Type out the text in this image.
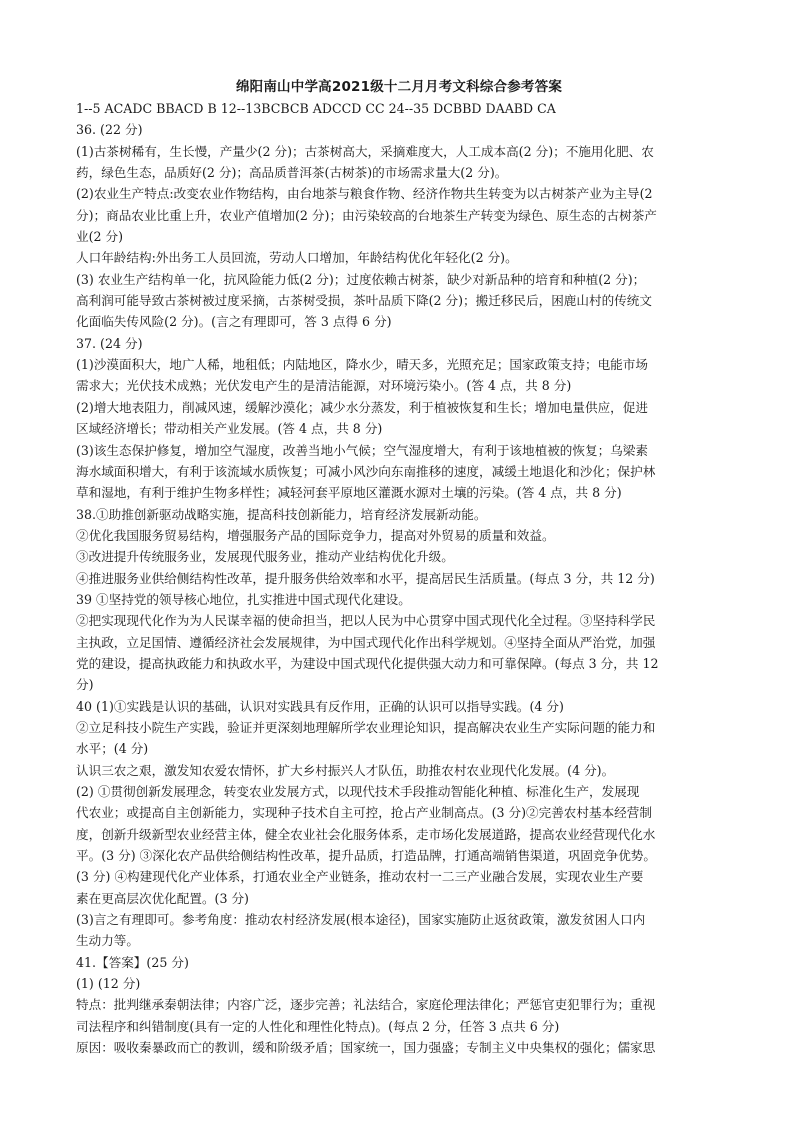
绵阳南山中学高2021级十二月月考文科综合参考答案
1--5 ACADC BBACD B 12--13BCBCB ADCCD CC 24--35 DCBBD DAABD CA
36. (22 分)
(1)古茶树稀有，生长慢，产量少(2 分)；古茶树高大，采摘难度大，人工成本高(2 分)；不施用化肥、农
药，绿色生态，品质好(2 分)；高品质普洱茶(古树茶)的市场需求量大(2 分)。
(2)农业生产特点:改变农业作物结构，由台地茶与粮食作物、经济作物共生转变为以古树茶产业为主导(2
分)；商品农业比重上升，农业产值增加(2 分)；由污染较高的台地茶生产转变为绿色、原生态的古树茶产
业(2 分)
人口年龄结构:外出务工人员回流，劳动人口增加，年龄结构优化年轻化(2 分)。
(3) 农业生产结构单一化，抗风险能力低(2 分)；过度依赖古树茶，缺少对新品种的培育和种植(2 分)；
高利润可能导致古茶树被过度采摘，古茶树受损，茶叶品质下降(2 分)；搬迁移民后，困鹿山村的传统文
化面临失传风险(2 分)。(言之有理即可，答 3 点得 6 分)
37. (24 分)
(1)沙漠面积大，地广人稀，地租低；内陆地区，降水少，晴天多，光照充足；国家政策支持；电能市场
需求大；光伏技术成熟；光伏发电产生的是清洁能源，对环境污染小。(答 4 点，共 8 分)
(2)增大地表阻力，削减风速，缓解沙漠化；减少水分蒸发，利于植被恢复和生长；增加电量供应，促进
区域经济增长；带动相关产业发展。(答 4 点，共 8 分)
(3)该生态保护修复，增加空气湿度，改善当地小气候；空气湿度增大，有利于该地植被的恢复；乌梁素
海水域面积增大，有利于该流域水质恢复；可减小风沙向东南推移的速度，减缓土地退化和沙化；保护林
草和湿地，有利于维护生物多样性；减轻河套平原地区灌溉水源对土壤的污染。(答 4 点，共 8 分)
38.①助推创新驱动战略实施，提高科技创新能力，培育经济发展新动能。
②优化我国服务贸易结构，增强服务产品的国际竞争力，提高对外贸易的质量和效益。
③改进提升传统服务业，发展现代服务业，推动产业结构优化升级。
④推进服务业供给侧结构性改革，提升服务供给效率和水平，提高居民生活质量。(每点 3 分，共 12 分)
39 ①坚持党的领导核心地位，扎实推进中国式现代化建设。
②把实现现代化作为为人民谋幸福的使命担当，把以人民为中心贯穿中国式现代化全过程。③坚持科学民
主执政，立足国情、遵循经济社会发展规律，为中国式现代化作出科学规划。④坚持全面从严治党，加强
党的建设，提高执政能力和执政水平，为建设中国式现代化提供强大动力和可靠保障。(每点 3 分，共 12
分)
40 (1)①实践是认识的基础，认识对实践具有反作用，正确的认识可以指导实践。(4 分)
②立足科技小院生产实践，验证并更深刻地理解所学农业理论知识，提高解决农业生产实际问题的能力和
水平；(4 分)
认识三农之艰，激发知农爱农情怀，扩大乡村振兴人才队伍，助推农村农业现代化发展。(4 分)。
(2) ①贯彻创新发展理念，转变农业发展方式，以现代技术手段推动智能化种植、标准化生产，发展现
代农业；或提高自主创新能力，实现种子技术自主可控，抢占产业制高点。(3 分)②完善农村基本经营制
度，创新升级新型农业经营主体，健全农业社会化服务体系，走市场化发展道路，提高农业经营现代化水
平。(3 分) ③深化农产品供给侧结构性改革，提升品质，打造品牌，打通高端销售渠道，巩固竞争优势。
(3 分) ④构建现代化产业体系，打通农业全产业链条，推动农村一二三产业融合发展，实现农业生产要
素在更高层次优化配置。(3 分)
(3)言之有理即可。参考角度：推动农村经济发展(根本途径)，国家实施防止返贫政策，激发贫困人口内
生动力等。
41.【答案】(25 分)
(1) (12 分)
特点：批判继承秦朝法律；内容广泛，逐步完善；礼法结合，家庭伦理法律化；严惩官吏犯罪行为；重视
司法程序和纠错制度(具有一定的人性化和理性化特点)。(每点 2 分，任答 3 点共 6 分)
原因：吸收秦暴政而亡的教训，缓和阶级矛盾；国家统一，国力强盛；专制主义中央集权的强化；儒家思
